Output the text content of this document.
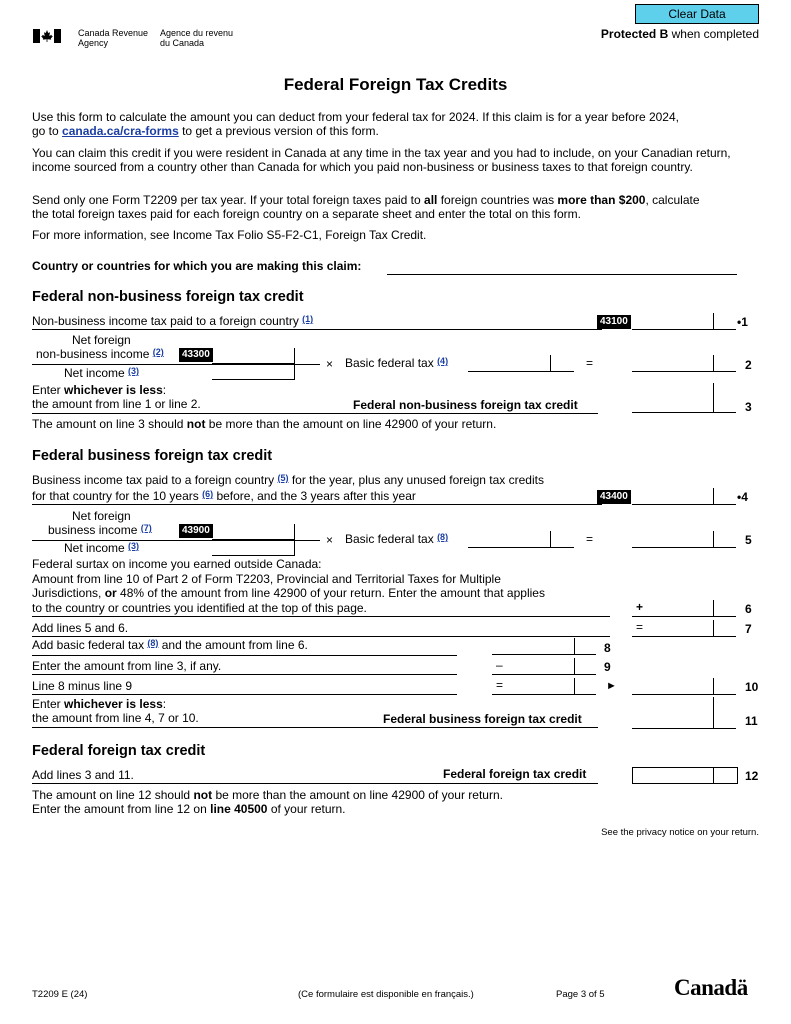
Canada Revenue
Agency
Agence du revenu
du Canada
Clear Data
Protected B when completed
Federal Foreign Tax Credits
Use this form to calculate the amount you can deduct from your federal tax for 2024. If this claim is for a year before 2024,
go to canada.ca/cra-forms to get a previous version of this form.
You can claim this credit if you were resident in Canada at any time in the tax year and you had to include, on your Canadian return, income sourced from a country other than Canada for which you paid non-business or business taxes to that foreign country.
Send only one Form T2209 per tax year. If your total foreign taxes paid to all foreign countries was more than $200, calculate
the total foreign taxes paid for each foreign country on a separate sheet and enter the total on this form.
For more information, see Income Tax Folio S5-F2-C1, Foreign Tax Credit.
Country or countries for which you are making this claim:
Federal non-business foreign tax credit
Non-business income tax paid to a foreign country $^{(1)}$	43100	•1
Net foreign
non-business income $^{(2)}$	43300
Net income $^{(3)}$	× Basic federal tax $^{(4)}$	=	2
Enter whichever is less:
the amount from line 1 or line 2.	Federal non-business foreign tax credit	3
The amount on line 3 should not be more than the amount on line 42900 of your return.
Federal business foreign tax credit
Business income tax paid to a foreign country $^{(5)}$ for the year, plus any unused foreign tax credits
for that country for the 10 years $^{(6)}$ before, and the 3 years after this year	43400	•4
Net foreign
business income $^{(7)}$	43900
Net income $^{(3)}$	× Basic federal tax $^{(8)}$	=	5
Federal surtax on income you earned outside Canada:
Amount from line 10 of Part 2 of Form T2203, Provincial and Territorial Taxes for Multiple
Jurisdictions, or 48% of the amount from line 42900 of your return. Enter the amount that applies
to the country or countries you identified at the top of this page.	+	6
Add lines 5 and 6.	=	7
Add basic federal tax $^{(8)}$ and the amount from line 6.	8
Enter the amount from line 3, if any.	–	9
Line 8 minus line 9	=	►	10
Enter whichever is less:
the amount from line 4, 7 or 10.	Federal business foreign tax credit	11
Federal foreign tax credit
Add lines 3 and 11.	Federal foreign tax credit	12
The amount on line 12 should not be more than the amount on line 42900 of your return.
Enter the amount from line 12 on line 40500 of your return.
See the privacy notice on your return.
T2209 E (24)	(Ce formulaire est disponible en français.)	Page 3 of 5	Canadä
